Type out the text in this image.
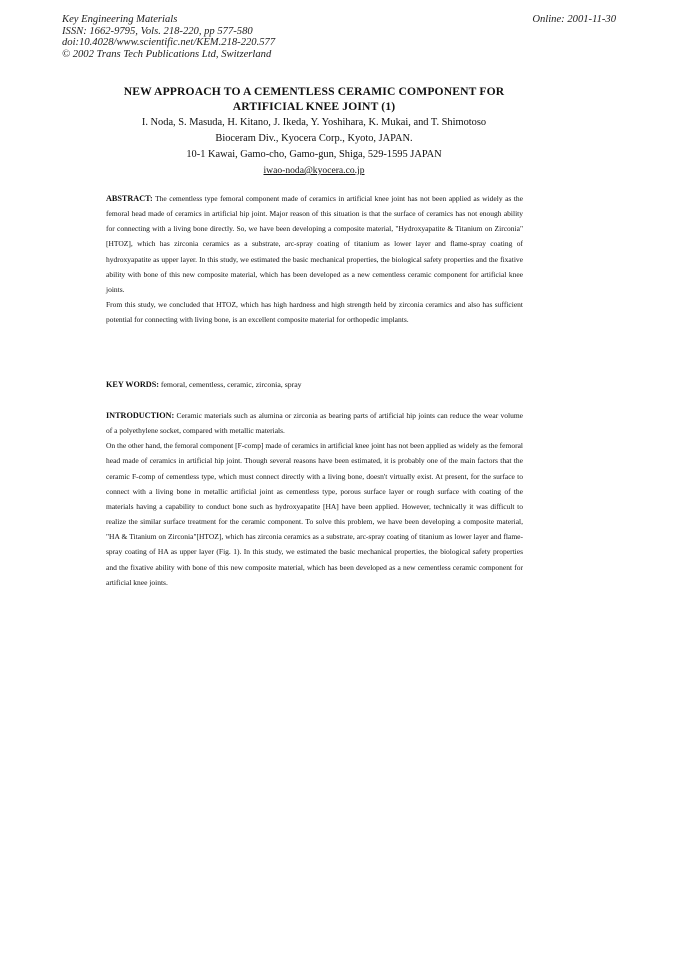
Key Engineering Materials
ISSN: 1662-9795, Vols. 218-220, pp 577-580
doi:10.4028/www.scientific.net/KEM.218-220.577
© 2002 Trans Tech Publications Ltd, Switzerland
Online: 2001-11-30
NEW APPROACH TO A CEMENTLESS CERAMIC COMPONENT FOR
ARTIFICIAL KNEE JOINT (1)
I. Noda, S. Masuda, H. Kitano, J. Ikeda, Y. Yoshihara, K. Mukai, and T. Shimotoso
Bioceram Div., Kyocera Corp., Kyoto, JAPAN.
10-1 Kawai, Gamo-cho, Gamo-gun, Shiga, 529-1595 JAPAN
iwao-noda@kyocera.co.jp

ABSTRACT: The cementless type femoral component made of ceramics in artificial knee joint has not been applied as widely as the femoral head made of ceramics in artificial hip joint. Major reason of this situation is that the surface of ceramics has not enough ability for connecting with a living bone directly. So, we have been developing a composite material, "Hydroxyapatite & Titanium on Zirconia" [HTOZ], which has zirconia ceramics as a substrate, arc-spray coating of titanium as lower layer and flame-spray coating of hydroxyapatite as upper layer. In this study, we estimated the basic mechanical properties, the biological safety properties and the fixative ability with bone of this new composite material, which has been developed as a new cementless ceramic component for artificial knee joints.

From this study, we concluded that HTOZ, which has high hardness and high strength held by zirconia ceramics and also has sufficient potential for connecting with living bone, is an excellent composite material for orthopedic implants.

KEY WORDS: femoral, cementless, ceramic, zirconia, spray

INTRODUCTION: Ceramic materials such as alumina or zirconia as bearing parts of artificial hip joints can reduce the wear volume of a polyethylene socket, compared with metallic materials.

On the other hand, the femoral component [F-comp] made of ceramics in artificial knee joint has not been applied as widely as the femoral head made of ceramics in artificial hip joint. Though several reasons have been estimated, it is probably one of the main factors that the ceramic F-comp of cementless type, which must connect directly with a living bone, doesn't virtually exist. At present, for the surface to connect with a living bone in metallic artificial joint as cementless type, porous surface layer or rough surface with coating of the materials having a capability to conduct bone such as hydroxyapatite [HA] have been applied. However, technically it was difficult to realize the similar surface treatment for the ceramic component. To solve this problem, we have been developing a composite material, "HA & Titanium on Zirconia"[HTOZ], which has zirconia ceramics as a substrate, arc-spray coating of titanium as lower layer and flame-spray coating of HA as upper layer (Fig. 1). In this study, we estimated the basic mechanical properties, the biological safety properties and the fixative ability with bone of this new composite material, which has been developed as a new cementless ceramic component for artificial knee joints.
